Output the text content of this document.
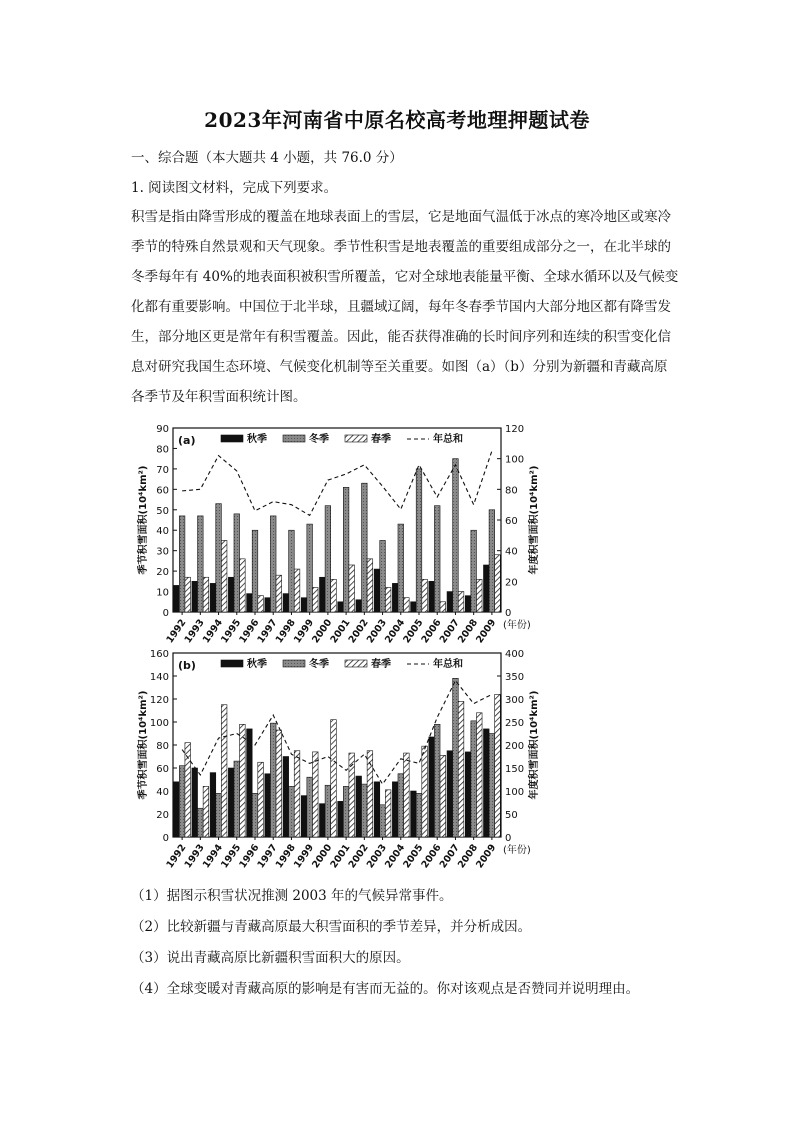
2023年河南省中原名校高考地理押题试卷
一、综合题（本大题共 4 小题，共 76.0 分）
1. 阅读图文材料，完成下列要求。
积雪是指由降雪形成的覆盖在地球表面上的雪层，它是地面气温低于冰点的寒冷地区或寒冷
季节的特殊自然景观和天气现象。季节性积雪是地表覆盖的重要组成部分之一，在北半球的
冬季每年有 40%的地表面积被积雪所覆盖，它对全球地表能量平衡、全球水循环以及气候变
化都有重要影响。中国位于北半球，且疆域辽阔，每年冬春季节国内大部分地区都有降雪发
生，部分地区更是常年有积雪覆盖。因此，能否获得准确的长时间序列和连续的积雪变化信
息对研究我国生态环境、气候变化机制等至关重要。如图（a）（b）分别为新疆和青藏高原
各季节及年积雪面积统计图。
0
10
20
30
40
50
60
70
80
90
0
20
40
60
80
100
120
季节积雪面积(10⁴km²)	年度积雪面积(10⁴km²)
(a)
1992
1993
1994
1995
1996
1997
1998
1999
2000
2001
2002
2003
2004
2005
2006
2007
2008
2009 (年份)
秋季	冬季	春季	年总和
0
20
40
60
80
100
120
140
160
0
50
100
150
200
250
300
350
400
季节积雪面积(10⁴km²)	年度积雪面积(10⁴km²)
(b)
1992
1993
1994
1995
1996
1997
1998
1999
2000
2001
2002
2003
2004
2005
2006
2007
2008
2009 (年份)
秋季	冬季	春季	年总和
（1）据图示积雪状况推测 2003 年的气候异常事件。
（2）比较新疆与青藏高原最大积雪面积的季节差异，并分析成因。
（3）说出青藏高原比新疆积雪面积大的原因。
（4）全球变暖对青藏高原的影响是有害而无益的。你对该观点是否赞同并说明理由。
